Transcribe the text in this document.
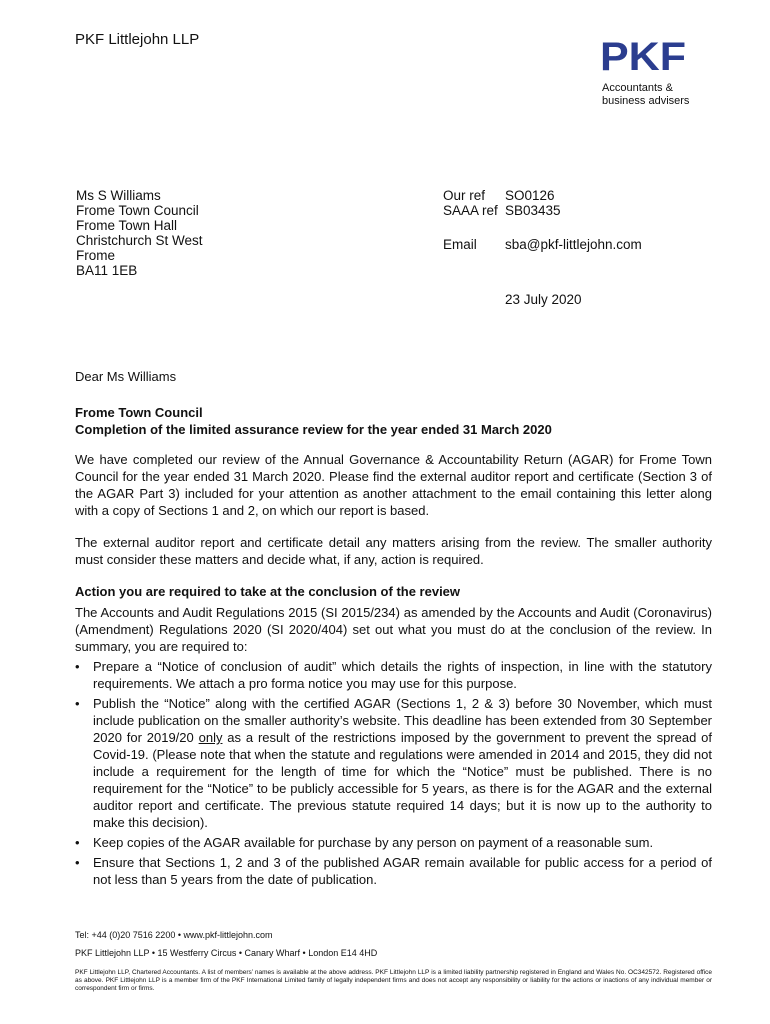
PKF Littlejohn LLP	PKF
Accountants &
business advisers
Ms S Williams
Frome Town Council
Frome Town Hall
Christchurch St West
Frome
BA11 1EB
Our ref	SO0126
SAAA ref SB03435
Email	sba@pkf-littlejohn.com
23 July 2020

Dear Ms Williams

Frome Town Council

Completion of the limited assurance review for the year ended 31 March 2020

We have completed our review of the Annual Governance & Accountability Return (AGAR) for Frome Town Council for the year ended 31 March 2020. Please find the external auditor report and certificate (Section 3 of the AGAR Part 3) included for your attention as another attachment to the email containing this letter along with a copy of Sections 1 and 2, on which our report is based.

The external auditor report and certificate detail any matters arising from the review. The smaller authority must consider these matters and decide what, if any, action is required.

Action you are required to take at the conclusion of the review

The Accounts and Audit Regulations 2015 (SI 2015/234) as amended by the Accounts and Audit (Coronavirus) (Amendment) Regulations 2020 (SI 2020/404) set out what you must do at the conclusion of the review. In summary, you are required to:

• Prepare a “Notice of conclusion of audit” which details the rights of inspection, in line with the statutory requirements. We attach a pro forma notice you may use for this purpose.
• Publish the “Notice” along with the certified AGAR (Sections 1, 2 & 3) before 30 November, which must include publication on the smaller authority’s website. This deadline has been extended from 30 September 2020 for 2019/20 only as a result of the restrictions imposed by the government to prevent the spread of Covid-19. (Please note that when the statute and regulations were amended in 2014 and 2015, they did not include a requirement for the length of time for which the “Notice” must be published. There is no requirement for the “Notice” to be publicly accessible for 5 years, as there is for the AGAR and the external auditor report and certificate. The previous statute required 14 days; but it is now up to the authority to make this decision).
• Keep copies of the AGAR available for purchase by any person on payment of a reasonable sum.
• Ensure that Sections 1, 2 and 3 of the published AGAR remain available for public access for a period of not less than 5 years from the date of publication.
Tel: +44 (0)20 7516 2200 • www.pkf-littlejohn.com
PKF Littlejohn LLP • 15 Westferry Circus • Canary Wharf • London E14 4HD
PKF Littlejohn LLP, Chartered Accountants. A list of members’ names is available at the above address. PKF Littlejohn LLP is a limited liability partnership registered in England and Wales No. OC342572. Registered office as above. PKF Littlejohn LLP is a member firm of the PKF International Limited family of legally independent firms and does not accept any responsibility or liability for the actions or inactions of any individual member or correspondent firm or firms.
